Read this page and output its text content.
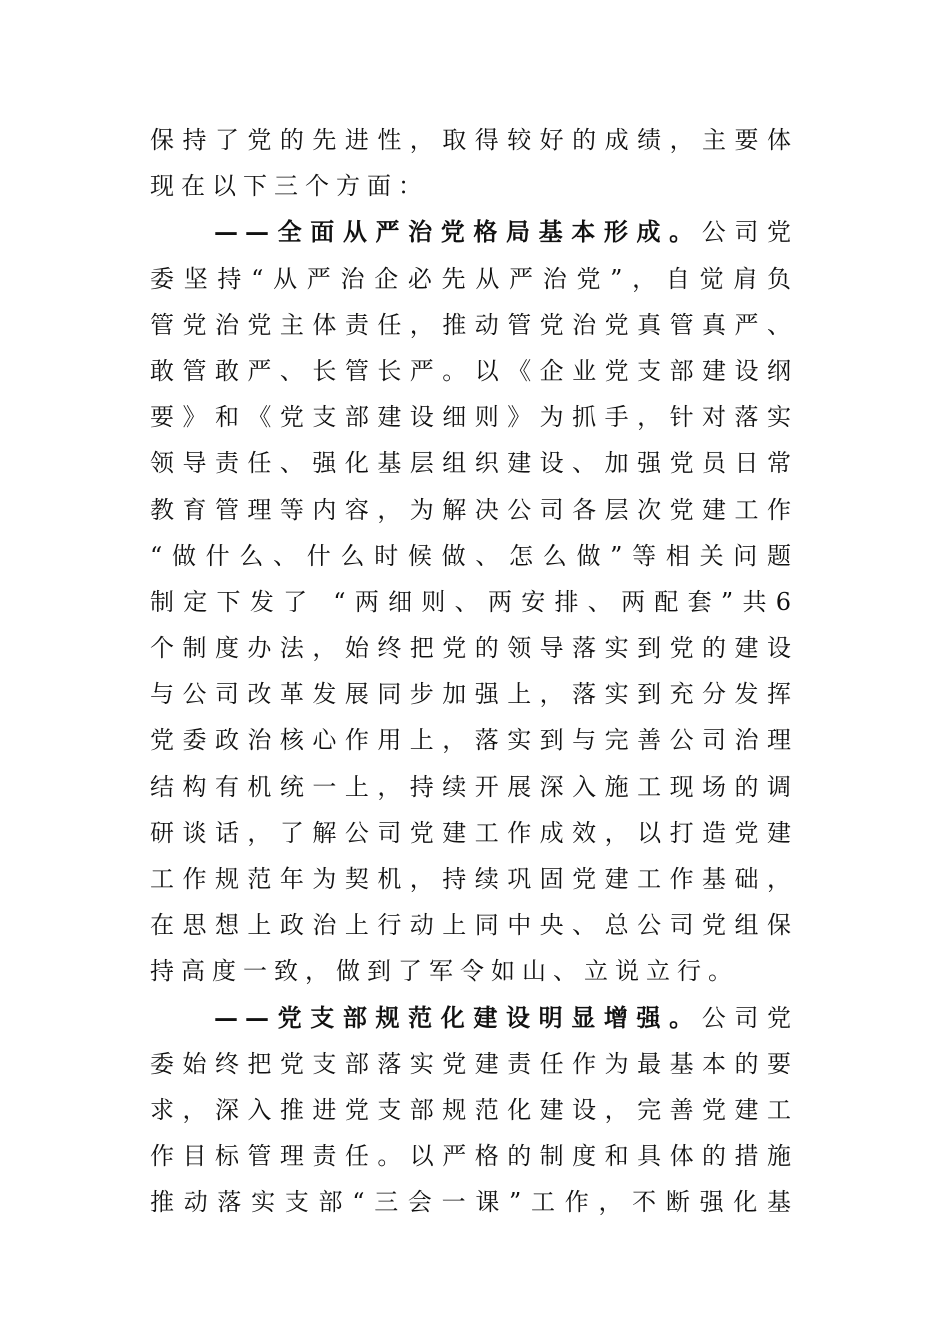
保持了党的先进性，取得较好的成绩，主要体
现在以下三个方面：
——全面从严治党格局基本形成。公司党
委坚持“从严治企必先从严治党”，自觉肩负
管党治党主体责任，推动管党治党真管真严、
敢管敢严、长管长严。以《企业党支部建设纲
要》和《党支部建设细则》为抓手，针对落实
领导责任、强化基层组织建设、加强党员日常
教育管理等内容，为解决公司各层次党建工作
“做什么、什么时候做、怎么做”等相关问题
制定下发了 “两细则、两安排、两配套”共6
个制度办法，始终把党的领导落实到党的建设
与公司改革发展同步加强上，落实到充分发挥
党委政治核心作用上，落实到与完善公司治理
结构有机统一上，持续开展深入施工现场的调
研谈话，了解公司党建工作成效，以打造党建
工作规范年为契机，持续巩固党建工作基础，
在思想上政治上行动上同中央、总公司党组保
持高度一致，做到了军令如山、立说立行。
——党支部规范化建设明显增强。公司党
委始终把党支部落实党建责任作为最基本的要
求，深入推进党支部规范化建设，完善党建工
作目标管理责任。以严格的制度和具体的措施
推动落实支部“三会一课”工作，不断强化基
